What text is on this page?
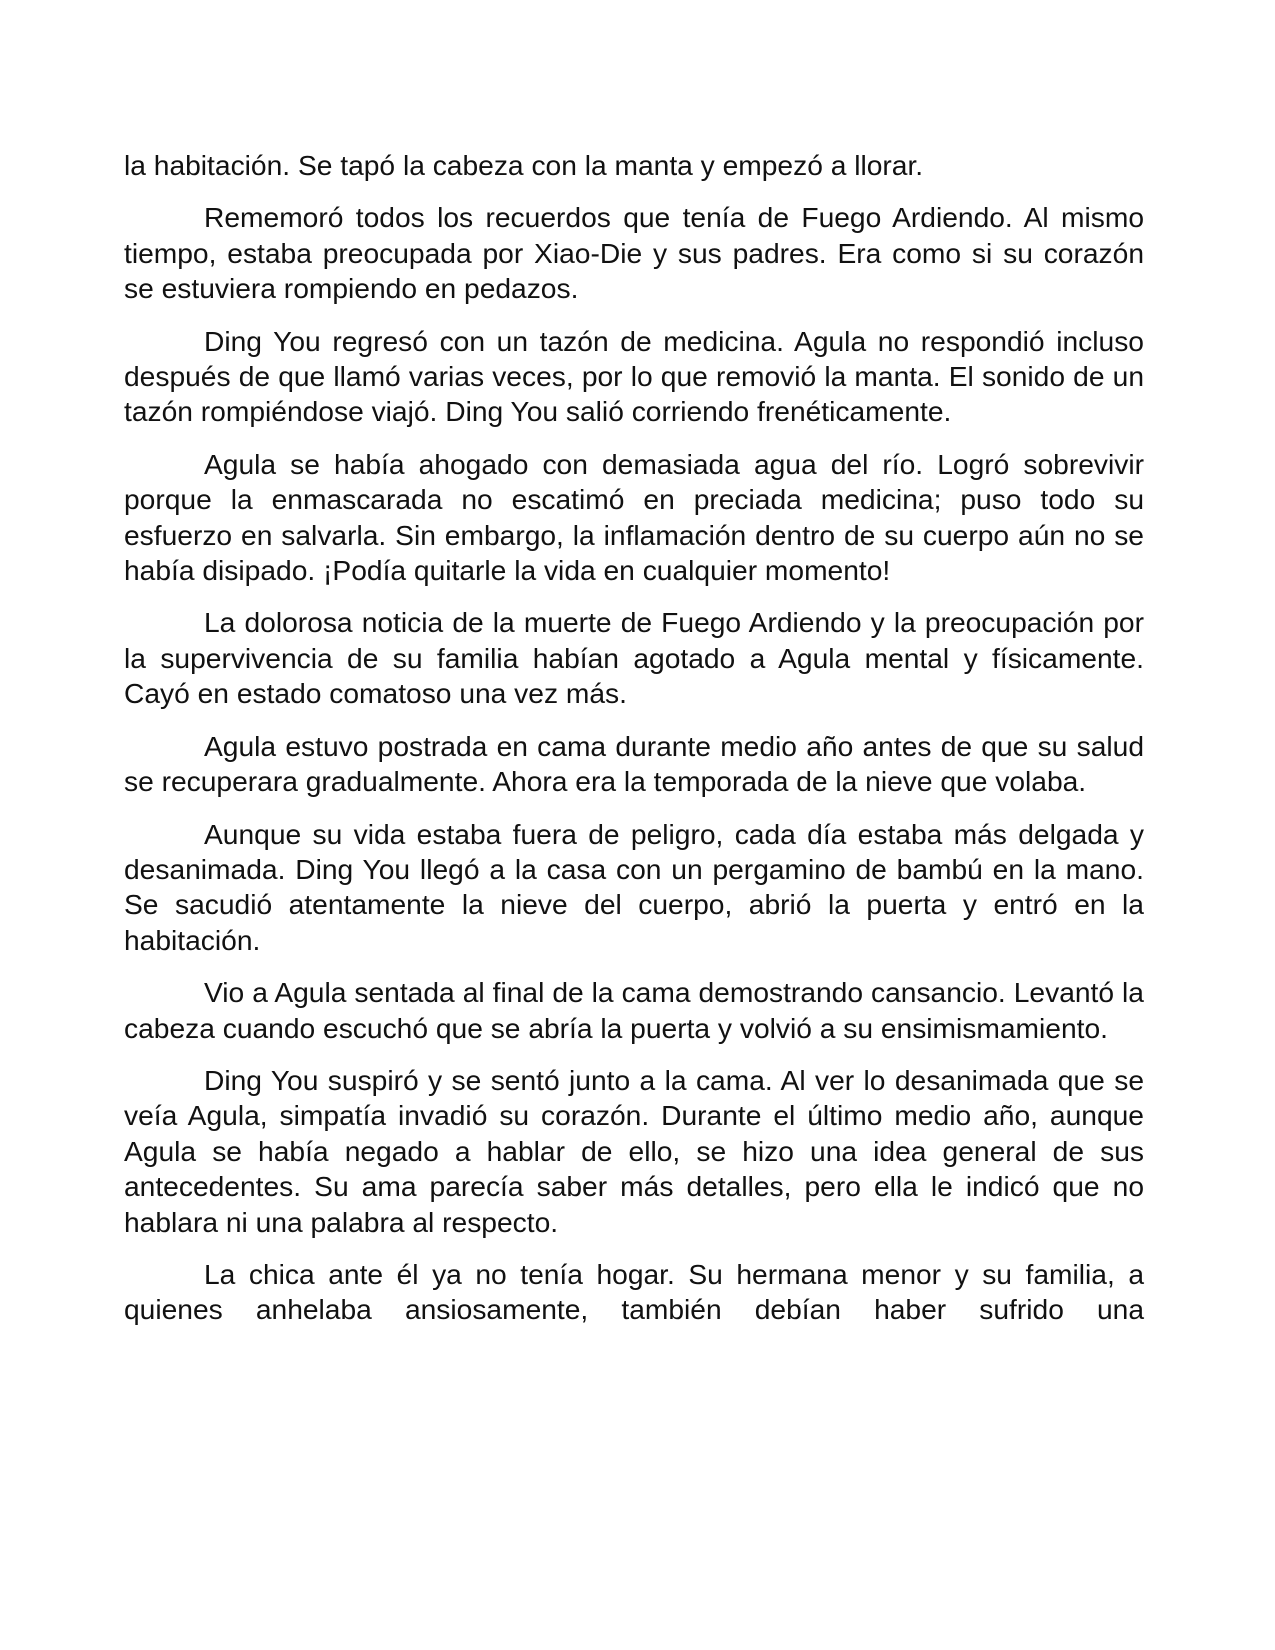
la habitación. Se tapó la cabeza con la manta y empezó a llorar.

Rememoró todos los recuerdos que tenía de Fuego Ardiendo. Al mismo tiempo, estaba preocupada por Xiao-Die y sus padres. Era como si su corazón se estuviera rompiendo en pedazos.

Ding You regresó con un tazón de medicina. Agula no respondió incluso después de que llamó varias veces, por lo que removió la manta. El sonido de un tazón rompiéndose viajó. Ding You salió corriendo frenéticamente.

Agula se había ahogado con demasiada agua del río. Logró sobrevivir porque la enmascarada no escatimó en preciada medicina; puso todo su esfuerzo en salvarla. Sin embargo, la inflamación dentro de su cuerpo aún no se había disipado. ¡Podía quitarle la vida en cualquier momento!

La dolorosa noticia de la muerte de Fuego Ardiendo y la preocupación por la supervivencia de su familia habían agotado a Agula mental y físicamente. Cayó en estado comatoso una vez más.

Agula estuvo postrada en cama durante medio año antes de que su salud se recuperara gradualmente. Ahora era la temporada de la nieve que volaba.

Aunque su vida estaba fuera de peligro, cada día estaba más delgada y desanimada. Ding You llegó a la casa con un pergamino de bambú en la mano. Se sacudió atentamente la nieve del cuerpo, abrió la puerta y entró en la habitación.

Vio a Agula sentada al final de la cama demostrando cansancio. Levantó la cabeza cuando escuchó que se abría la puerta y volvió a su ensimismamiento.

Ding You suspiró y se sentó junto a la cama. Al ver lo desanimada que se veía Agula, simpatía invadió su corazón. Durante el último medio año, aunque Agula se había negado a hablar de ello, se hizo una idea general de sus antecedentes. Su ama parecía saber más detalles, pero ella le indicó que no hablara ni una palabra al respecto.

La chica ante él ya no tenía hogar. Su hermana menor y su familia, a quienes anhelaba ansiosamente, también debían haber sufrido una
